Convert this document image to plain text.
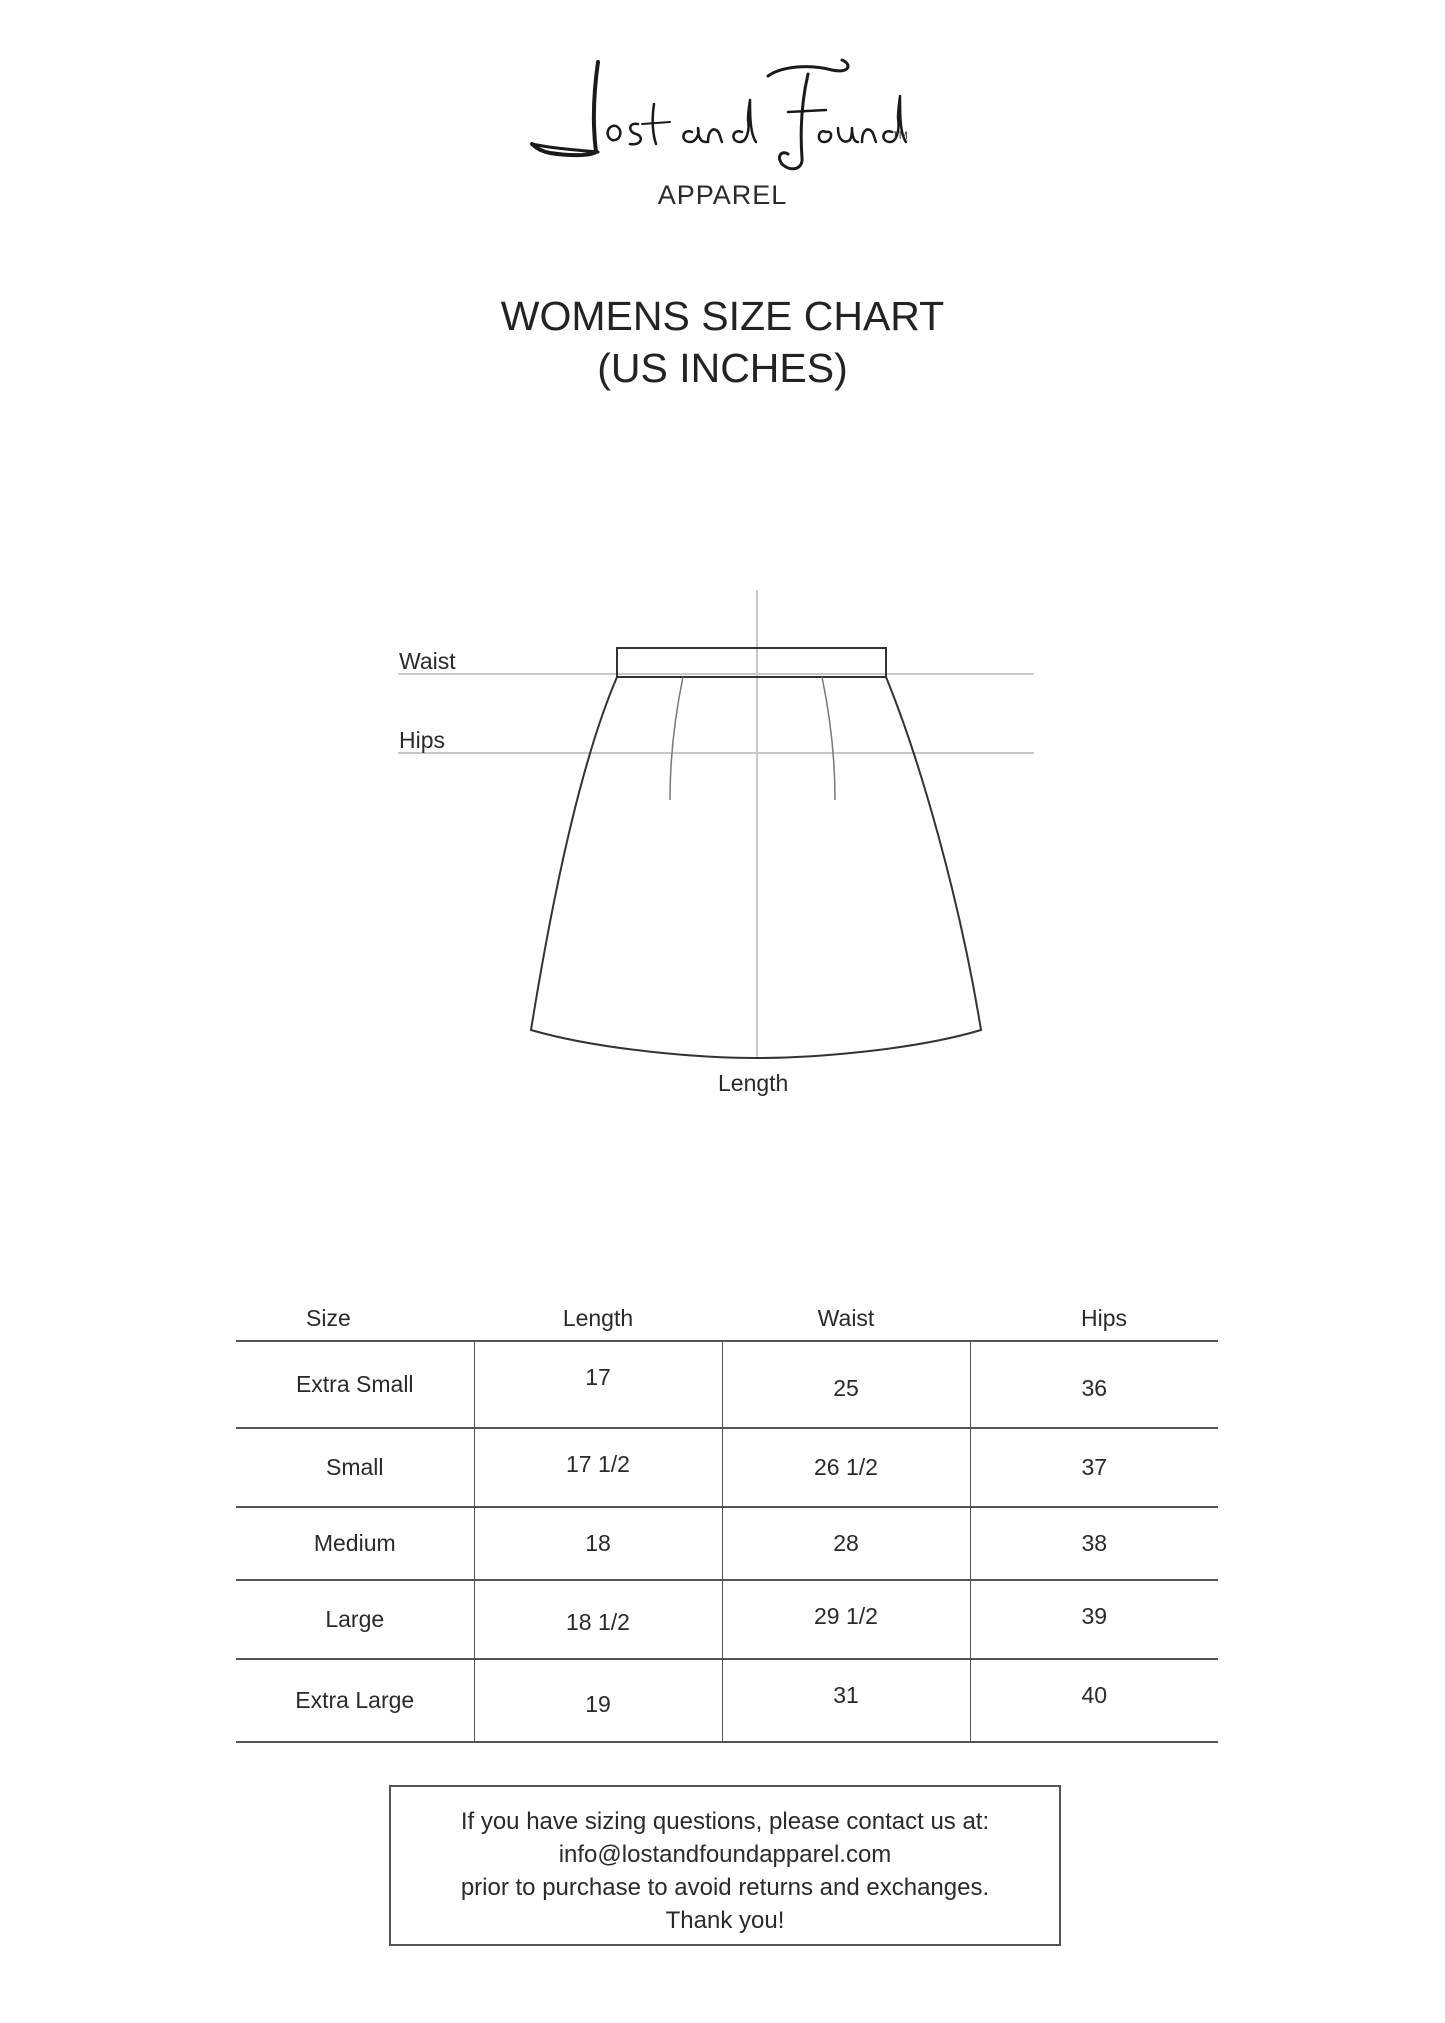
TM
APPAREL
WOMENS SIZE CHART
(US INCHES)
Waist
Hips
Length
Size	Length	Waist	Hips
Extra Small	17	25	36
Small	17 1/2	26 1/2	37
Medium	18	28	38
Large	18 1/2	29 1/2	39
Extra Large	19	31	40
If you have sizing questions, please contact us at:
info@lostandfoundapparel.com
prior to purchase to avoid returns and exchanges.
Thank you!
